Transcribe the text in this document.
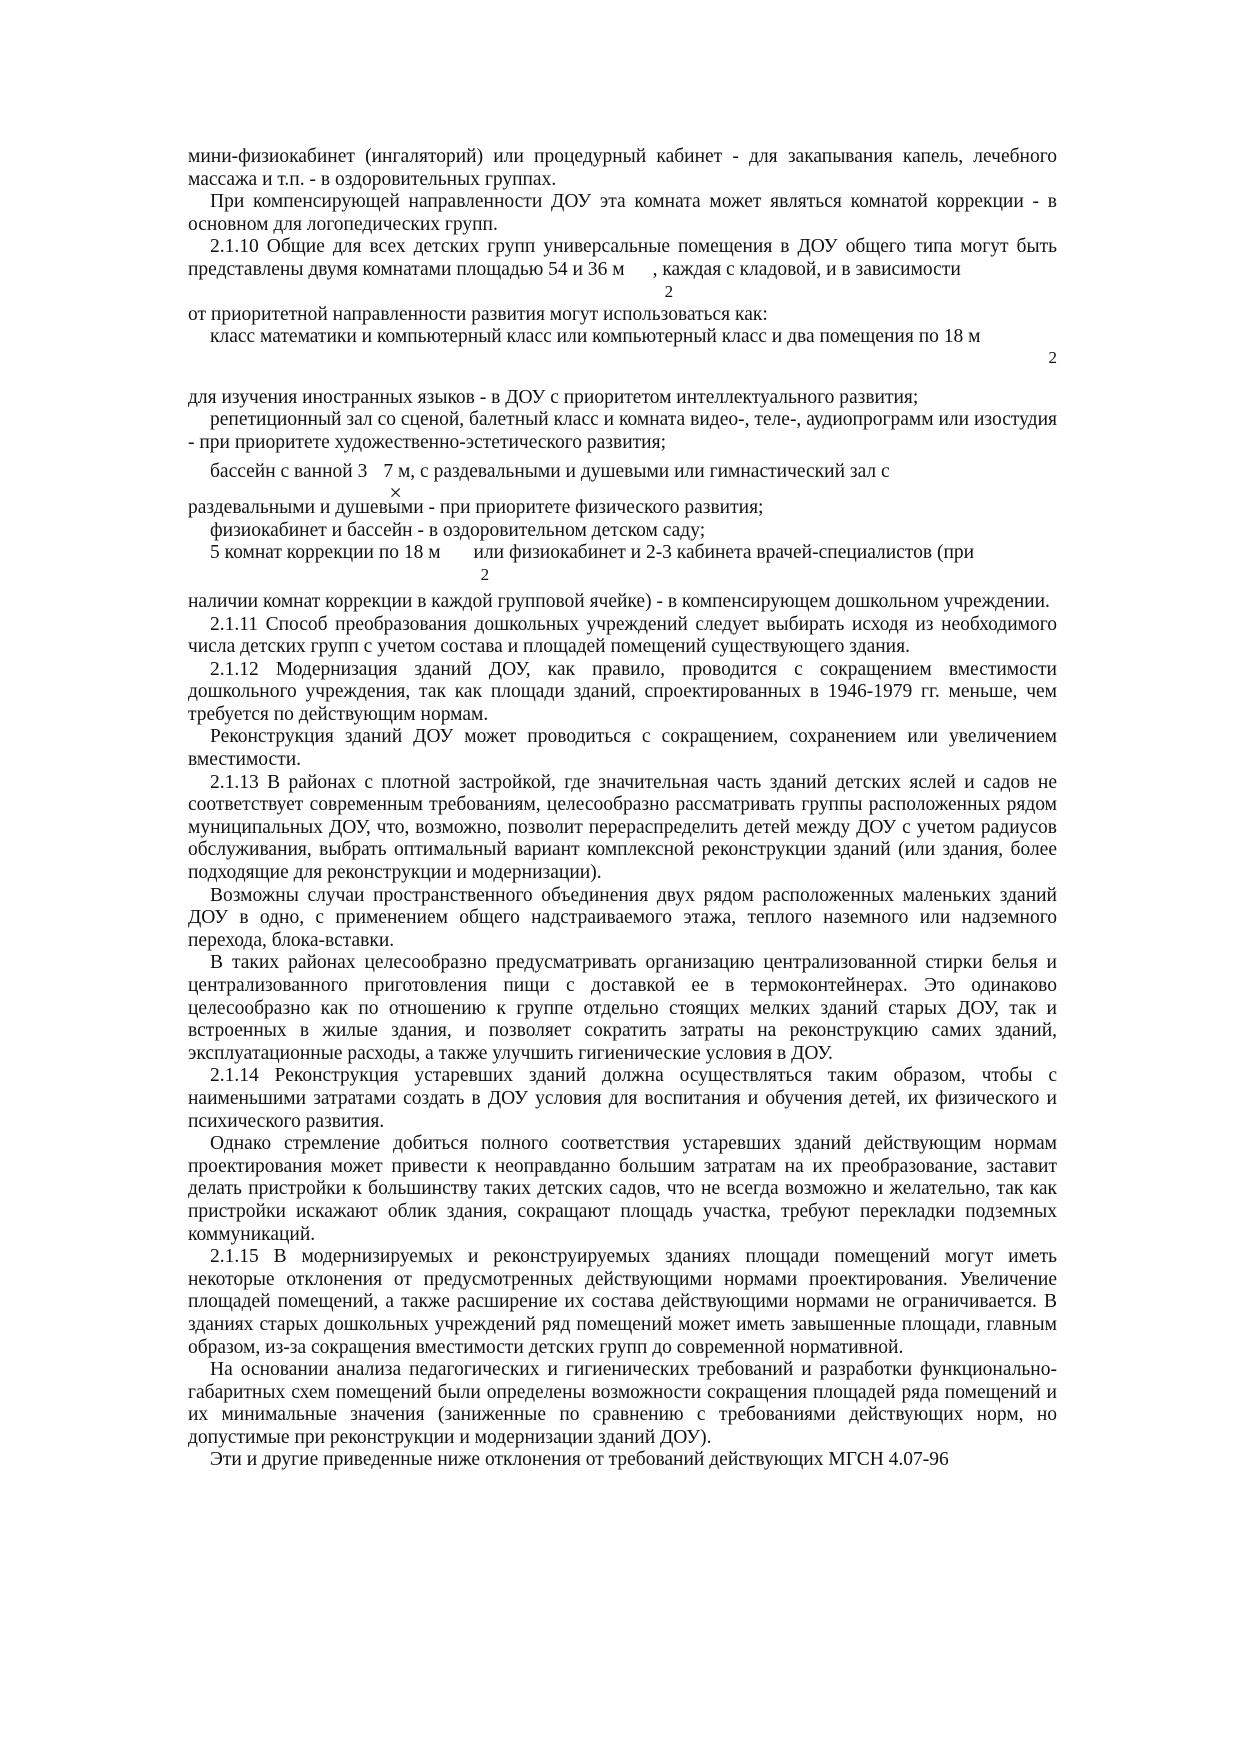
мини-физиокабинет (ингаляторий) или процедурный кабинет - для закапывания капель, лечебного массажа и т.п. - в оздоровительных группах.

При компенсирующей направленности ДОУ эта комната может являться комнатой коррекции - в основном для логопедических групп.

2.1.10 Общие для всех детских групп универсальные помещения в ДОУ общего типа могут быть представлены двумя комнатами площадью 54 и 36 м
2
, каждая с кладовой, и в зависимости

от приоритетной направленности развития могут использоваться как:

класс математики и компьютерный класс или компьютерный класс и два помещения по 18 м

2

для изучения иностранных языков - в ДОУ с приоритетом интеллектуального развития;

репетиционный зал со сценой, балетный класс и комната видео-, теле-, аудиопрограмм или изостудия - при приоритете художественно-эстетического развития;

бассейн с ванной 3
×
7 м, с раздевальными и душевыми или гимнастический зал с

раздевальными и душевыми - при приоритете физического развития;

физиокабинет и бассейн - в оздоровительном детском саду;

5 комнат коррекции по 18 м
2
или физиокабинет и 2-3 кабинета врачей-специалистов (при

наличии комнат коррекции в каждой групповой ячейке) - в компенсирующем дошкольном учреждении.

2.1.11 Способ преобразования дошкольных учреждений следует выбирать исходя из необходимого числа детских групп с учетом состава и площадей помещений существующего здания.

2.1.12 Модернизация зданий ДОУ, как правило, проводится с сокращением вместимости дошкольного учреждения, так как площади зданий, спроектированных в 1946-1979 гг. меньше, чем требуется по действующим нормам.

Реконструкция зданий ДОУ может проводиться с сокращением, сохранением или увеличением вместимости.

2.1.13 В районах с плотной застройкой, где значительная часть зданий детских яслей и садов не соответствует современным требованиям, целесообразно рассматривать группы расположенных рядом муниципальных ДОУ, что, возможно, позволит перераспределить детей между ДОУ с учетом радиусов обслуживания, выбрать оптимальный вариант комплексной реконструкции зданий (или здания, более подходящие для реконструкции и модернизации).

Возможны случаи пространственного объединения двух рядом расположенных маленьких зданий ДОУ в одно, с применением общего надстраиваемого этажа, теплого наземного или надземного перехода, блока-вставки.

В таких районах целесообразно предусматривать организацию централизованной стирки белья и централизованного приготовления пищи с доставкой ее в термоконтейнерах. Это одинаково целесообразно как по отношению к группе отдельно стоящих мелких зданий старых ДОУ, так и встроенных в жилые здания, и позволяет сократить затраты на реконструкцию самих зданий, эксплуатационные расходы, а также улучшить гигиенические условия в ДОУ.

2.1.14 Реконструкция устаревших зданий должна осуществляться таким образом, чтобы с наименьшими затратами создать в ДОУ условия для воспитания и обучения детей, их физического и психического развития.

Однако стремление добиться полного соответствия устаревших зданий действующим нормам проектирования может привести к неоправданно большим затратам на их преобразование, заставит делать пристройки к большинству таких детских садов, что не всегда возможно и желательно, так как пристройки искажают облик здания, сокращают площадь участка, требуют перекладки подземных коммуникаций.

2.1.15 В модернизируемых и реконструируемых зданиях площади помещений могут иметь некоторые отклонения от предусмотренных действующими нормами проектирования. Увеличение площадей помещений, а также расширение их состава действующими нормами не ограничивается. В зданиях старых дошкольных учреждений ряд помещений может иметь завышенные площади, главным образом, из-за сокращения вместимости детских групп до современной нормативной.

На основании анализа педагогических и гигиенических требований и разработки функционально-габаритных схем помещений были определены возможности сокращения площадей ряда помещений и их минимальные значения (заниженные по сравнению с требованиями действующих норм, но допустимые при реконструкции и модернизации зданий ДОУ).

Эти и другие приведенные ниже отклонения от требований действующих МГСН 4.07-96
